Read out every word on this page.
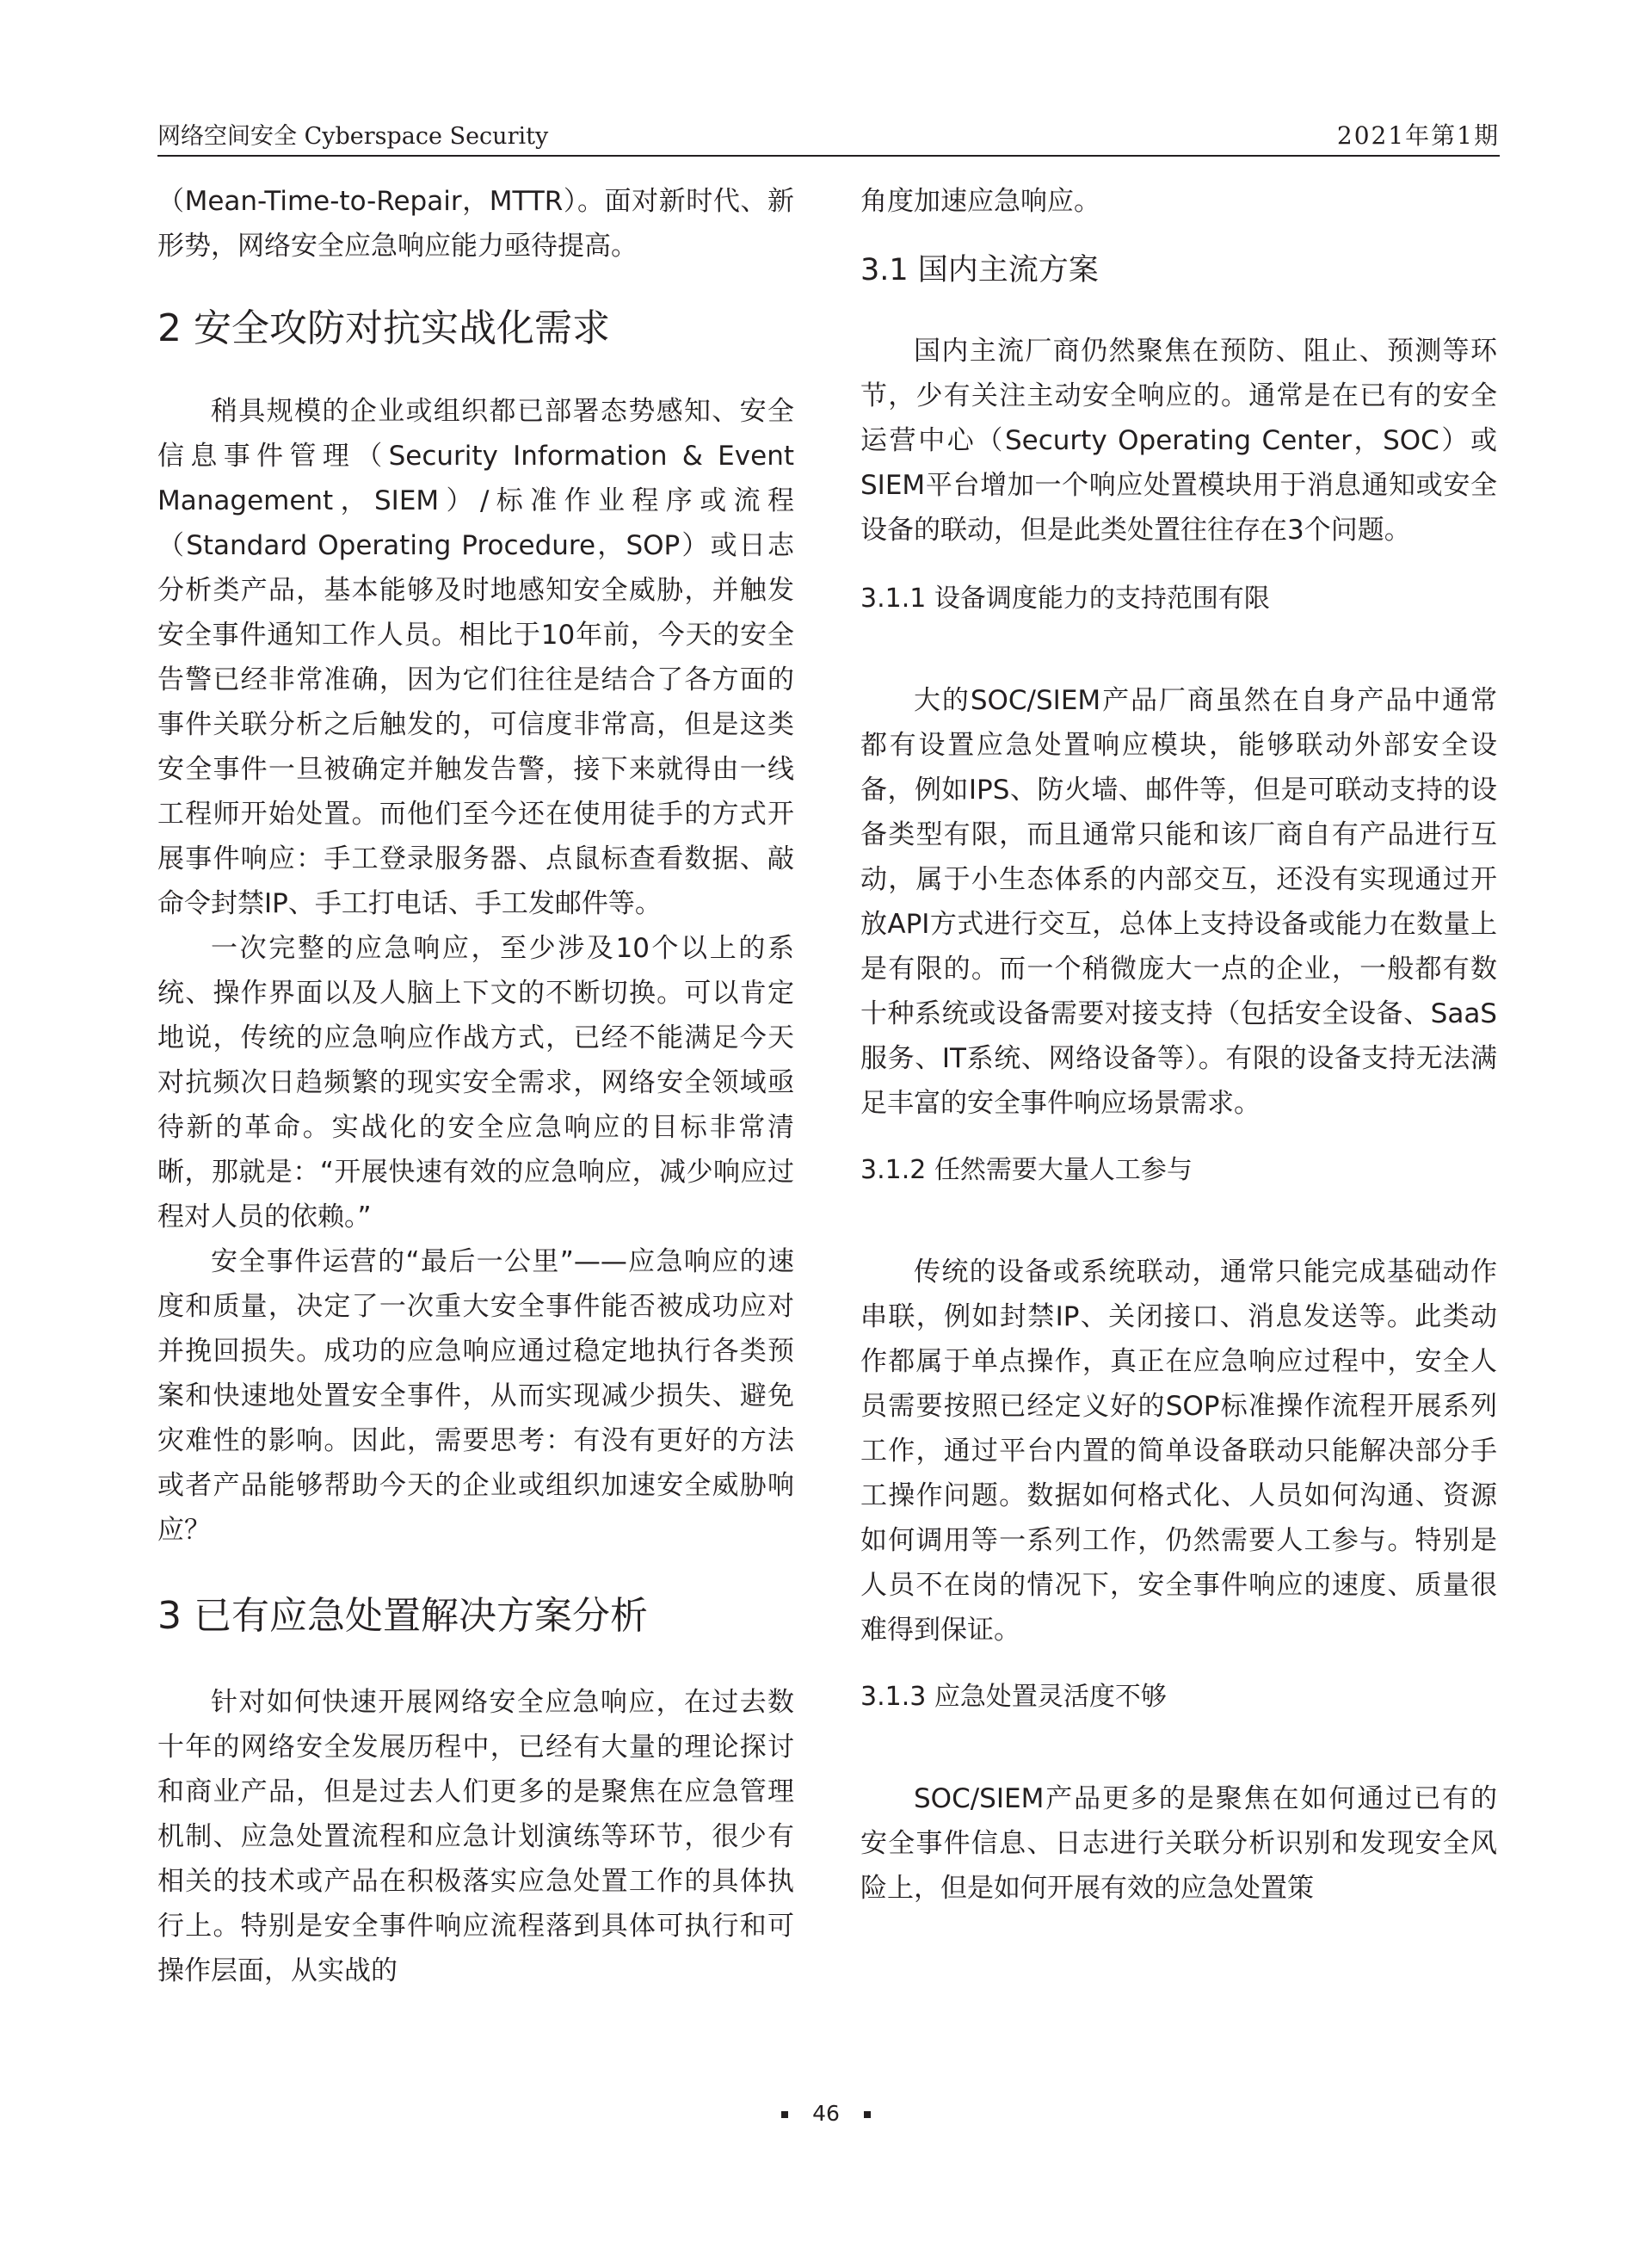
网络空间安全 Cyberspace Security	2021年第1期

（Mean-Time-to-Repair，MTTR）。面对新时代、新形势，网络安全应急响应能力亟待提高。

2 安全攻防对抗实战化需求

稍具规模的企业或组织都已部署态势感知、安全信息事件管理（Security Information & Event Management，SIEM）/标准作业程序或流程（Standard Operating Procedure，SOP）或日志分析类产品，基本能够及时地感知安全威胁，并触发安全事件通知工作人员。相比于10年前，今天的安全告警已经非常准确，因为它们往往是结合了各方面的事件关联分析之后触发的，可信度非常高，但是这类安全事件一旦被确定并触发告警，接下来就得由一线工程师开始处置。而他们至今还在使用徒手的方式开展事件响应：手工登录服务器、点鼠标查看数据、敲命令封禁IP、手工打电话、手工发邮件等。

一次完整的应急响应，至少涉及10个以上的系统、操作界面以及人脑上下文的不断切换。可以肯定地说，传统的应急响应作战方式，已经不能满足今天对抗频次日趋频繁的现实安全需求，网络安全领域亟待新的革命。实战化的安全应急响应的目标非常清晰，那就是：“开展快速有效的应急响应，减少响应过程对人员的依赖。”

安全事件运营的“最后一公里”——应急响应的速度和质量，决定了一次重大安全事件能否被成功应对并挽回损失。成功的应急响应通过稳定地执行各类预案和快速地处置安全事件，从而实现减少损失、避免灾难性的影响。因此，需要思考：有没有更好的方法或者产品能够帮助今天的企业或组织加速安全威胁响应？

3 已有应急处置解决方案分析

针对如何快速开展网络安全应急响应，在过去数十年的网络安全发展历程中，已经有大量的理论探讨和商业产品，但是过去人们更多的是聚焦在应急管理机制、应急处置流程和应急计划演练等环节，很少有相关的技术或产品在积极落实应急处置工作的具体执行上。特别是安全事件响应流程落到具体可执行和可操作层面，从实战的

角度加速应急响应。

3.1 国内主流方案

国内主流厂商仍然聚焦在预防、阻止、预测等环节，少有关注主动安全响应的。通常是在已有的安全运营中心（Securty Operating Center，SOC）或SIEM平台增加一个响应处置模块用于消息通知或安全设备的联动，但是此类处置往往存在3个问题。

3.1.1 设备调度能力的支持范围有限

大的SOC/SIEM产品厂商虽然在自身产品中通常都有设置应急处置响应模块，能够联动外部安全设备，例如IPS、防火墙、邮件等，但是可联动支持的设备类型有限，而且通常只能和该厂商自有产品进行互动，属于小生态体系的内部交互，还没有实现通过开放API方式进行交互，总体上支持设备或能力在数量上是有限的。而一个稍微庞大一点的企业，一般都有数十种系统或设备需要对接支持（包括安全设备、SaaS服务、IT系统、网络设备等）。有限的设备支持无法满足丰富的安全事件响应场景需求。

3.1.2 任然需要大量人工参与

传统的设备或系统联动，通常只能完成基础动作串联，例如封禁IP、关闭接口、消息发送等。此类动作都属于单点操作，真正在应急响应过程中，安全人员需要按照已经定义好的SOP标准操作流程开展系列工作，通过平台内置的简单设备联动只能解决部分手工操作问题。数据如何格式化、人员如何沟通、资源如何调用等一系列工作，仍然需要人工参与。特别是人员不在岗的情况下，安全事件响应的速度、质量很难得到保证。

3.1.3 应急处置灵活度不够

SOC/SIEM产品更多的是聚焦在如何通过已有的安全事件信息、日志进行关联分析识别和发现安全风险上，但是如何开展有效的应急处置策

46
